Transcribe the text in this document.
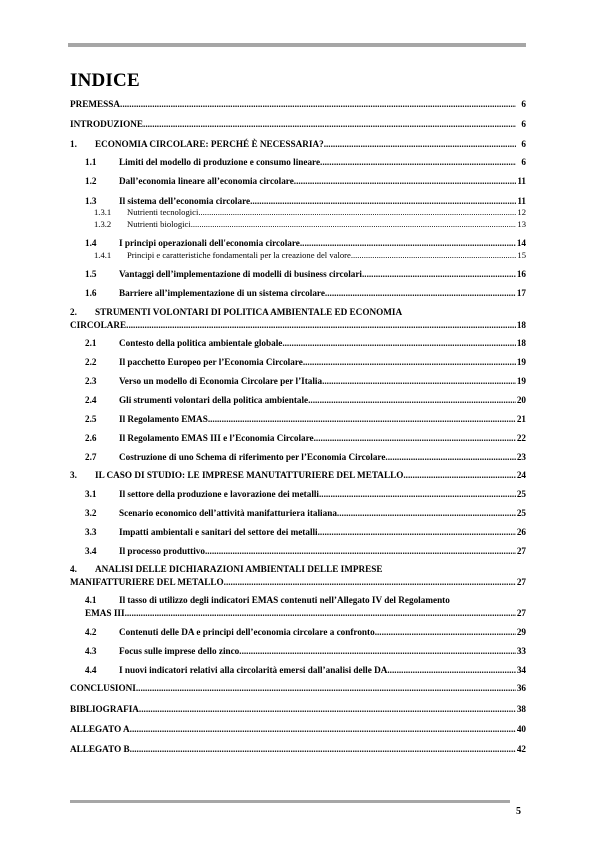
INDICE
PREMESSA .....	6
INTRODUZIONE .....	6
1. ECONOMIA CIRCOLARE: PERCHÉ È NECESSARIA? .....	6
1.1 Limiti del modello di produzione e consumo lineare .....	6
1.2 Dall’economia lineare all’economia circolare .....	11
1.3 Il sistema dell’economia circolare .....	11
1.3.1 Nutrienti tecnologici .....	12
1.3.2 Nutrienti biologici .....	13
1.4 I principi operazionali dell'economia circolare .....	14
1.4.1 Principi e caratteristiche fondamentali per la creazione del valore .....	15
1.5 Vantaggi dell’implementazione di modelli di business circolari .....	16
1.6 Barriere all’implementazione di un sistema circolare .....	17
2. STRUMENTI VOLONTARI DI POLITICA AMBIENTALE ED ECONOMIA
CIRCOLARE .....	18
2.1 Contesto della politica ambientale globale .....	18
2.2 Il pacchetto Europeo per l’Economia Circolare .....	19
2.3 Verso un modello di Economia Circolare per l’Italia .....	19
2.4 Gli strumenti volontari della politica ambientale .....	20
2.5 Il Regolamento EMAS .....	21
2.6 Il Regolamento EMAS III e l’Economia Circolare .....	22
2.7 Costruzione di uno Schema di riferimento per l’Economia Circolare .....	23
3. IL CASO DI STUDIO: LE IMPRESE MANUTATTURIERE DEL METALLO .....	24
3.1 Il settore della produzione e lavorazione dei metalli .....	25
3.2 Scenario economico dell’attività manifatturiera italiana .....	25
3.3 Impatti ambientali e sanitari del settore dei metalli .....	26
3.4 Il processo produttivo .....	27
4. ANALISI DELLE DICHIARAZIONI AMBIENTALI DELLE IMPRESE
MANIFATTURIERE DEL METALLO .....	27
4.1 Il tasso di utilizzo degli indicatori EMAS contenuti nell’Allegato IV del Regolamento
EMAS III .....	27
4.2 Contenuti delle DA e principi dell’economia circolare a confronto .....	29
4.3 Focus sulle imprese dello zinco .....	33
4.4 I nuovi indicatori relativi alla circolarità emersi dall’analisi delle DA .....	34
CONCLUSIONI .....	36
BIBLIOGRAFIA .....	38
ALLEGATO A .....	40
ALLEGATO B .....	42
5
